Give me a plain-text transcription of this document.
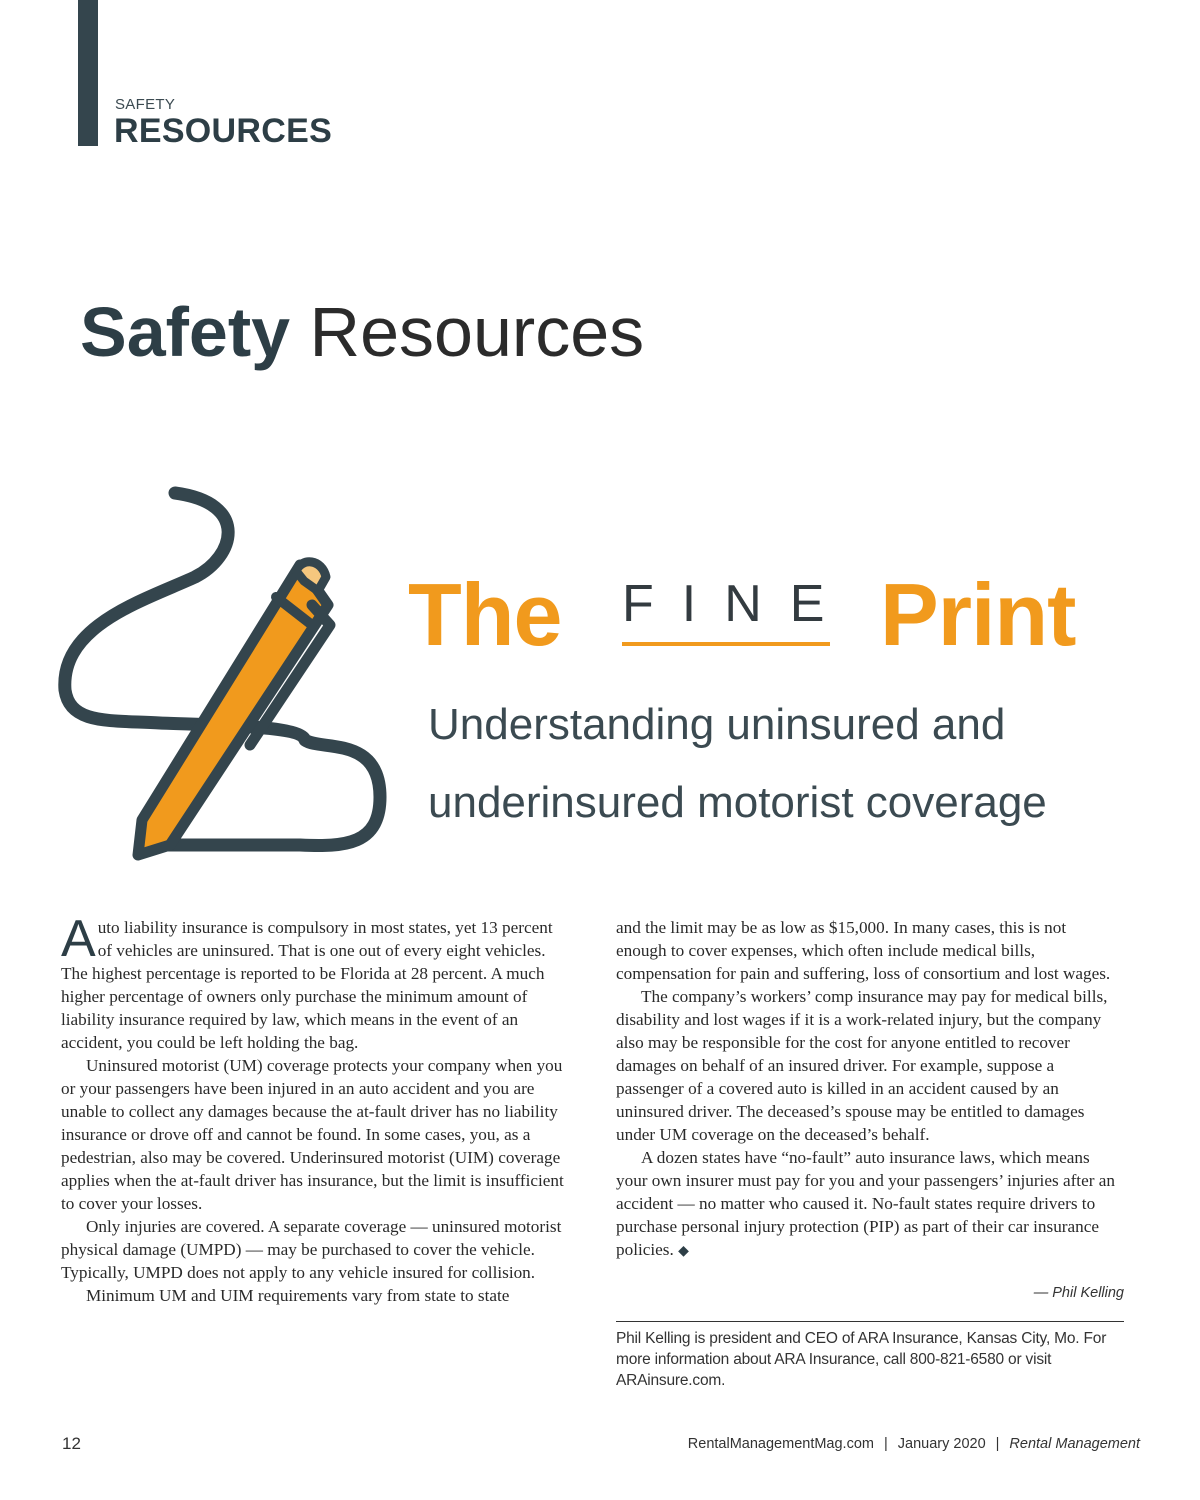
SAFETY
RESOURCES
Safety Resources
The FINE Print
Understanding uninsured and
underinsured motorist coverage

Auto liability insurance is compulsory in most states, yet 13 percent of vehicles are uninsured. That is one out of every eight vehicles. The highest percentage is reported to be Florida at 28 percent. A much higher percentage of owners only purchase the minimum amount of liability insurance required by law, which means in the event of an accident, you could be left holding the bag.

Uninsured motorist (UM) coverage protects your company when you or your passengers have been injured in an auto accident and you are unable to collect any damages because the at-fault driver has no liability insurance or drove off and cannot be found. In some cases, you, as a pedestrian, also may be covered. Underinsured motorist (UIM) coverage applies when the at-fault driver has insurance, but the limit is insufficient to cover your losses.

Only injuries are covered. A separate coverage — uninsured motorist physical damage (UMPD) — may be purchased to cover the vehicle. Typically, UMPD does not apply to any vehicle insured for collision.

Minimum UM and UIM requirements vary from state to state

and the limit may be as low as $15,000. In many cases, this is not enough to cover expenses, which often include medical bills, compensation for pain and suffering, loss of consortium and lost wages.

The company’s workers’ comp insurance may pay for medical bills, disability and lost wages if it is a work-related injury, but the company also may be responsible for the cost for anyone entitled to recover damages on behalf of an insured driver. For example, suppose a passenger of a covered auto is killed in an accident caused by an uninsured driver. The deceased’s spouse may be entitled to damages under UM coverage on the deceased’s behalf.

A dozen states have “no-fault” auto insurance laws, which means your own insurer must pay for you and your passengers’ injuries after an accident — no matter who caused it. No-fault states require drivers to purchase personal injury protection (PIP) as part of their car insurance policies. ◆

— Phil Kelling
Phil Kelling is president and CEO of ARA Insurance, Kansas City, Mo. For more information about ARA Insurance, call 800-821-6580 or visit ARAinsure.com.
12	RentalManagementMag.com | January 2020 | Rental Management
